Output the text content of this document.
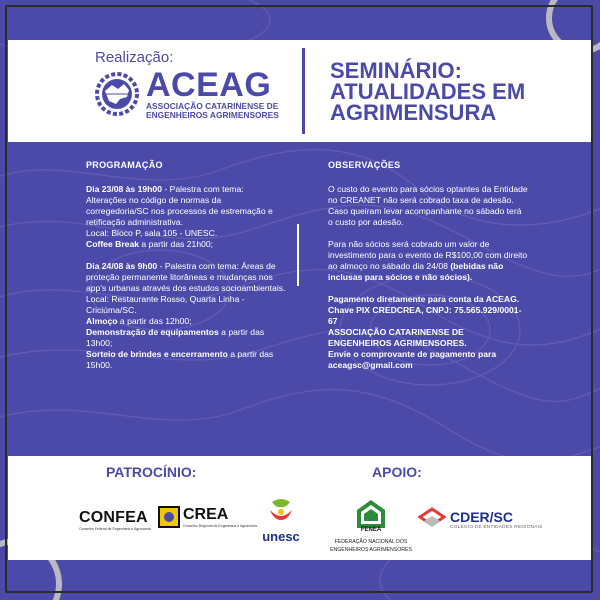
Realização:
ACEAG
ASSOCIAÇÃO CATARINENSE DE
ENGENHEIROS AGRIMENSORES
SEMINÁRIO:
ATUALIDADES EM
AGRIMENSURA
PROGRAMAÇÃO
Dia 23/08 às 19h00 - Palestra com tema: Alterações no código de normas da corregedoria/SC nos processos de estremação e retificação administrativa.
Local: Bloco P, sala 105 - UNESC.
Coffee Break a partir das 21h00;
Dia 24/08 às 9h00 - Palestra com tema: Áreas de proteção permanente litorâneas e mudanças nos app's urbanas através dos estudos socioambientais.
Local: Restaurante Rosso, Quarta Linha - Criciúma/SC.
Almoço a partir das 12h00;
Demonstração de equipamentos a partir das 13h00;
Sorteio de brindes e encerramento a partir das 15h00.
OBSERVAÇÕES
O custo do evento para sócios optantes da Entidade no CREANET não será cobrado taxa de adesão. Caso queiram levar acompanhante no sábado terá o custo por adesão.
Para não sócios será cobrado um valor de investimento para o evento de R$100,00 com direito ao almoço no sábado dia 24/08 (bebidas não inclusas para sócios e não sócios).
Pagamento diretamente para conta da ACEAG.
Chave PIX CREDCREA, CNPJ: 75.565.929/0001-67
ASSOCIAÇÃO CATARINENSE DE ENGENHEIROS AGRIMENSORES.
Envie o comprovante de pagamento para aceagsc@gmail.com
PATROCÍNIO:	APOIO:
CONFEA
Conselho Federal de Engenharia e Agronomia
CREA
Conselho Regional de Engenharia e Agronomia
unesc	FENEA
FEDERAÇÃO NACIONAL DOS
ENGENHEIROS AGRIMENSORES
CDER/SC
COLÉGIO DE ENTIDADES REGIONAIS
